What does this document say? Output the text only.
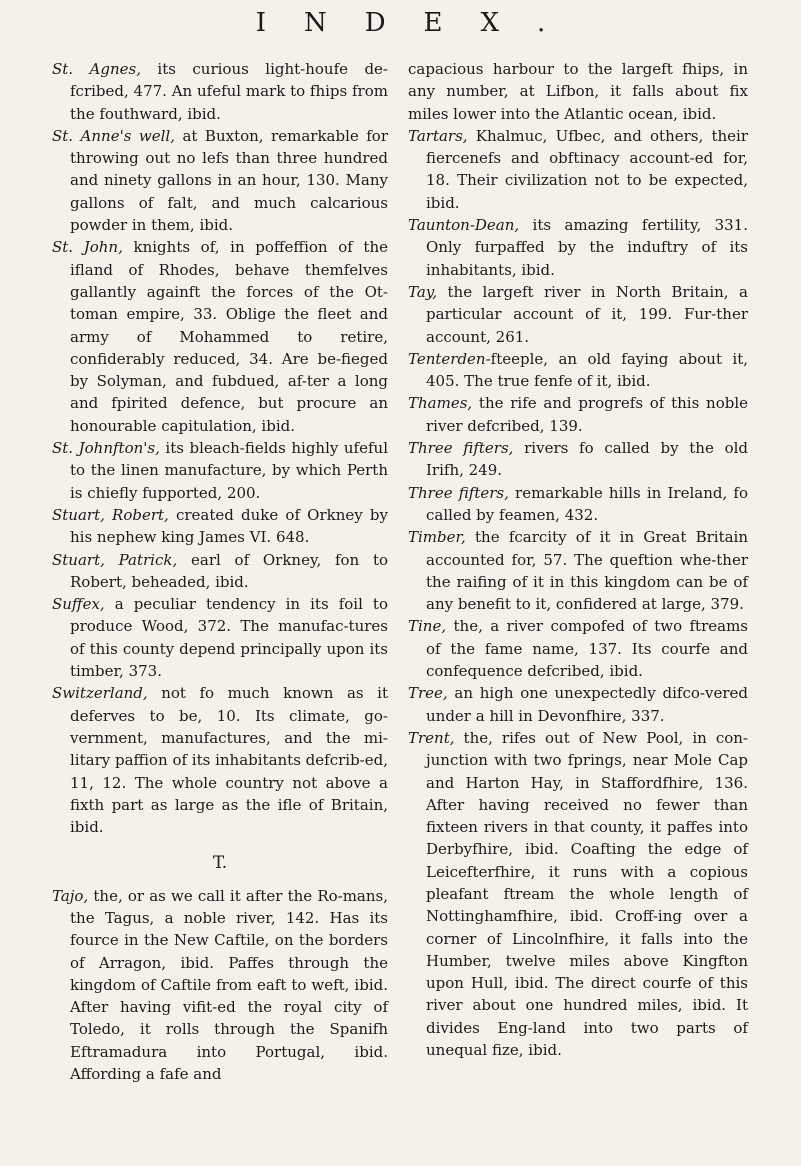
INDEX.

St. Agnes, its curious light-houfe de-fcribed, 477. An ufeful mark to fhips from the fouthward, ibid.

St. Anne's well, at Buxton, remarkable for throwing out no lefs than three hundred and ninety gallons in an hour, 130. Many gallons of falt, and much calcarious powder in them, ibid.

St. John, knights of, in poffeffion of the ifland of Rhodes, behave themfelves gallantly againft the forces of the Ot-toman empire, 33. Oblige the fleet and army of Mohammed to retire, confiderably reduced, 34. Are be-fieged by Solyman, and fubdued, af-ter a long and fpirited defence, but procure an honourable capitulation, ibid.

St. Johnfton's, its bleach-fields highly ufeful to the linen manufacture, by which Perth is chiefly fupported, 200.

Stuart, Robert, created duke of Orkney by his nephew king James VI. 648.

Stuart, Patrick, earl of Orkney, fon to Robert, beheaded, ibid.

Suffex, a peculiar tendency in its foil to produce Wood, 372. The manufac-tures of this county depend principally upon its timber, 373.

Switzerland, not fo much known as it deferves to be, 10. Its climate, go-vernment, manufactures, and the mi-litary paffion of its inhabitants defcrib-ed, 11, 12. The whole country not above a fixth part as large as the ifle of Britain, ibid.

T.

Tajo, the, or as we call it after the Ro-mans, the Tagus, a noble river, 142. Has its fource in the New Caftile, on the borders of Arragon, ibid. Paffes through the kingdom of Caftile from eaft to weft, ibid. After having vifit-ed the royal city of Toledo, it rolls through the Spanifh Eftramadura into Portugal, ibid. Affording a fafe and

capacious harbour to the largeft fhips, in any number, at Lifbon, it falls about fix miles lower into the Atlantic ocean, ibid.

Tartars, Khalmuc, Ufbec, and others, their fiercenefs and obftinacy account-ed for, 18. Their civilization not to be expected, ibid.

Taunton-Dean, its amazing fertility, 331. Only furpaffed by the induftry of its inhabitants, ibid.

Tay, the largeft river in North Britain, a particular account of it, 199. Fur-ther account, 261.

Tenterden-fteeple, an old faying about it, 405. The true fenfe of it, ibid.

Thames, the rife and progrefs of this noble river defcribed, 139.

Three fifters, rivers fo called by the old Irifh, 249.

Three fifters, remarkable hills in Ireland, fo called by feamen, 432.

Timber, the fcarcity of it in Great Britain accounted for, 57. The queftion whe-ther the raifing of it in this kingdom can be of any benefit to it, confidered at large, 379.

Tine, the, a river compofed of two ftreams of the fame name, 137. Its courfe and confequence defcribed, ibid.

Tree, an high one unexpectedly difco-vered under a hill in Devonfhire, 337.

Trent, the, rifes out of New Pool, in con-junction with two fprings, near Mole Cap and Harton Hay, in Staffordfhire, 136. After having received no fewer than fixteen rivers in that county, it paffes into Derbyfhire, ibid. Coafting the edge of Leicefterfhire, it runs with a copious pleafant ftream the whole length of Nottinghamfhire, ibid. Croff-ing over a corner of Lincolnfhire, it falls into the Humber, twelve miles above Kingfton upon Hull, ibid. The direct courfe of this river about one hundred miles, ibid. It divides Eng-land into two parts of unequal fize, ibid.
